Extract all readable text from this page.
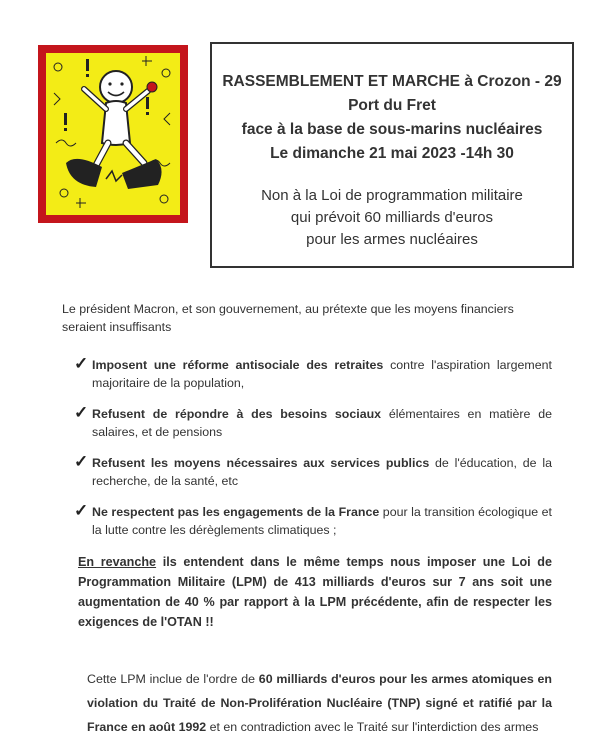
RASSEMBLEMENT ET MARCHE à Crozon - 29
Port du Fret
face à la base de sous-marins nucléaires
Le dimanche 21 mai 2023 -14h 30
Non à la Loi de programmation militaire
qui prévoit 60 milliards d'euros
pour les armes nucléaires

Le président Macron, et son gouvernement, au prétexte que les moyens financiers seraient insuffisants

✓ Imposent une réforme antisociale des retraites contre l'aspiration largement majoritaire de la population,

✓ Refusent de répondre à des besoins sociaux élémentaires en matière de salaires, et de pensions

✓ Refusent les moyens nécessaires aux services publics de l'éducation, de la recherche, de la santé, etc

✓ Ne respectent pas les engagements de la France pour la transition écologique et la lutte contre les dérèglements climatiques ;

En revanche ils entendent dans le même temps nous imposer une Loi de Programmation Militaire (LPM) de 413 milliards d'euros sur 7 ans soit une augmentation de 40 % par rapport à la LPM précédente, afin de respecter les exigences de l'OTAN !!

Cette LPM inclue de l'ordre de 60 milliards d'euros pour les armes atomiques en violation du Traité de Non-Prolifération Nucléaire (TNP) signé et ratifié par la France en août 1992 et en contradiction avec le Traité sur l'interdiction des armes
